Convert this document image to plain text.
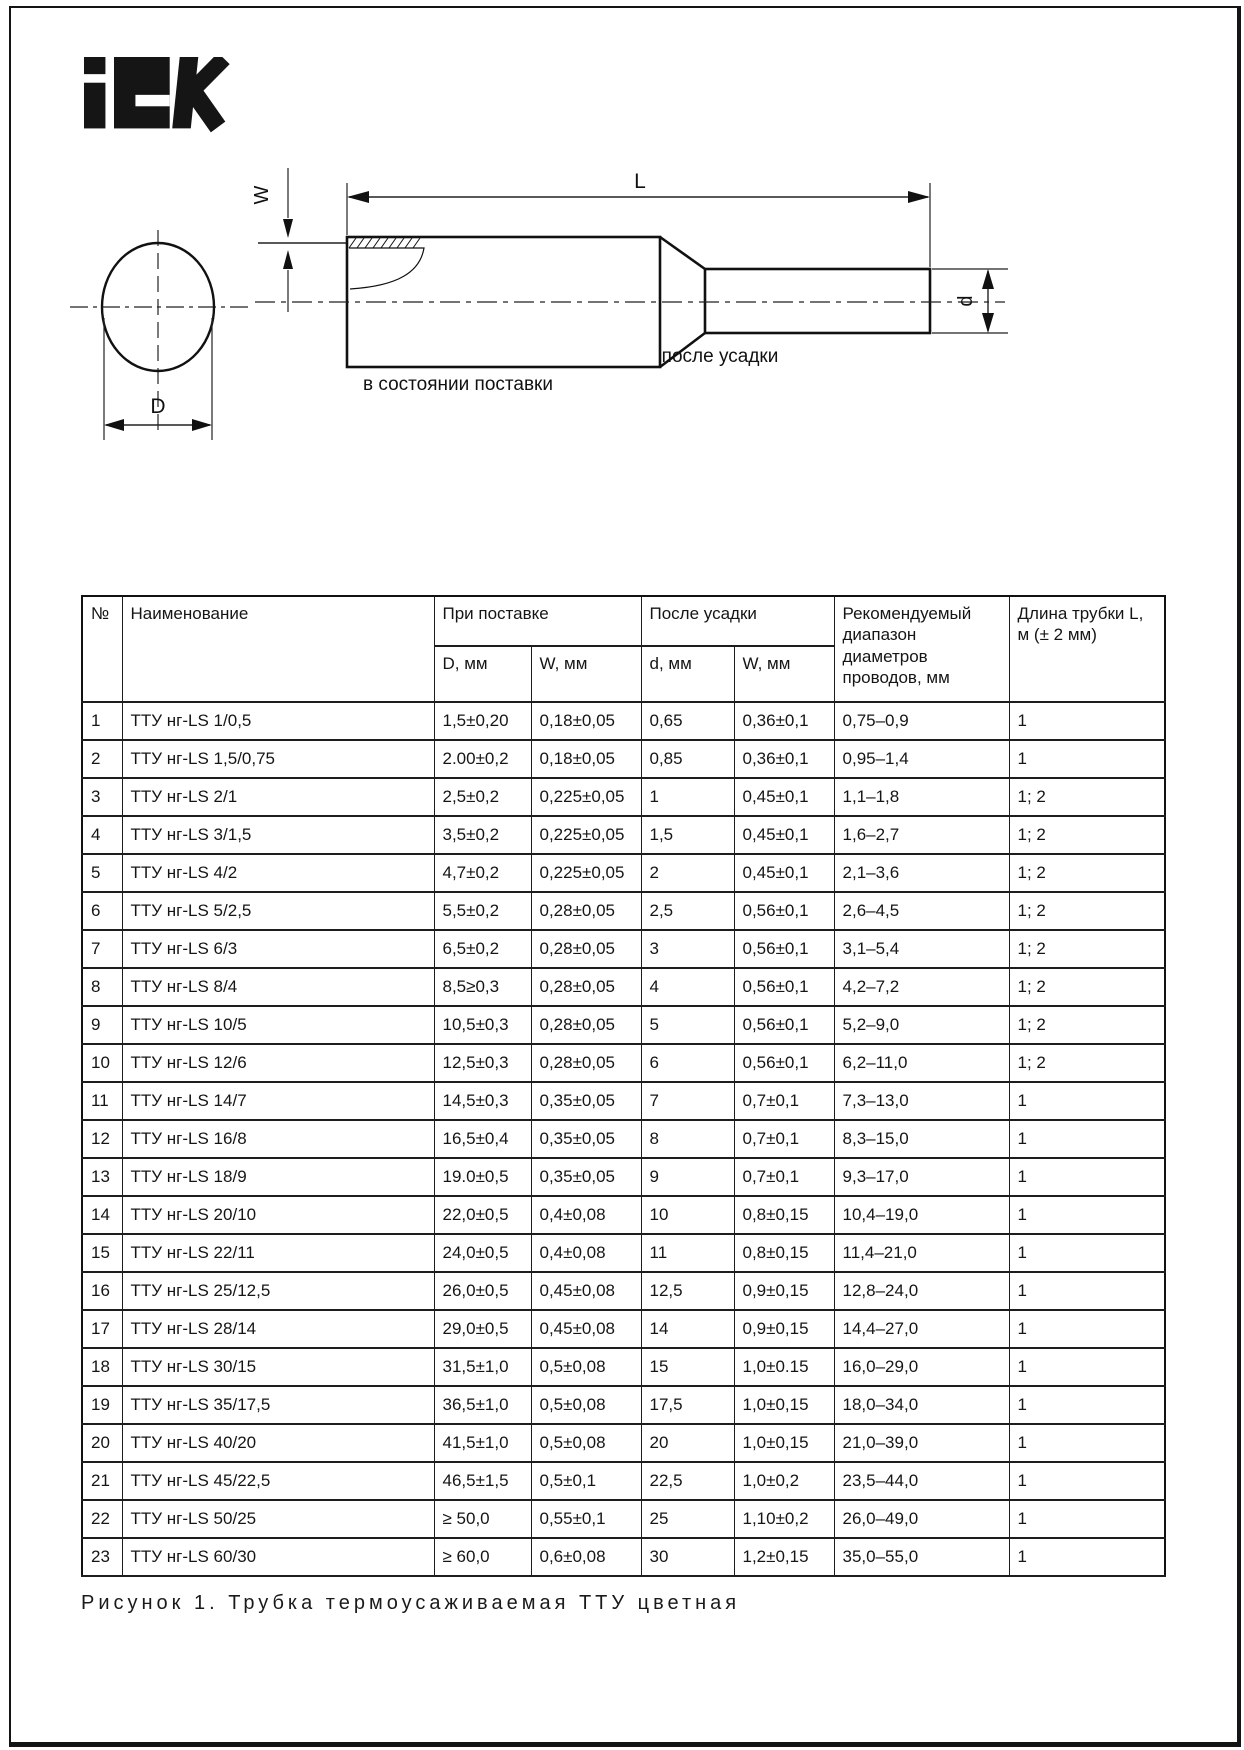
D
W
L
d
после усадки
в состоянии поставки
№	Наименование	При поставке		После усадки		Рекомендуемый диапазон диаметров проводов, мм	Длина трубки L, м (± 2 мм)
		D, мм	W, мм	d, мм	W, мм		
1	ТТУ нг-LS 1/0,5	1,5±0,20	0,18±0,05	0,65	0,36±0,1	0,75–0,9	1
2	ТТУ нг-LS 1,5/0,75	2.00±0,2	0,18±0,05	0,85	0,36±0,1	0,95–1,4	1
3	ТТУ нг-LS 2/1	2,5±0,2	0,225±0,05	1	0,45±0,1	1,1–1,8	1; 2
4	ТТУ нг-LS 3/1,5	3,5±0,2	0,225±0,05	1,5	0,45±0,1	1,6–2,7	1; 2
5	ТТУ нг-LS 4/2	4,7±0,2	0,225±0,05	2	0,45±0,1	2,1–3,6	1; 2
6	ТТУ нг-LS 5/2,5	5,5±0,2	0,28±0,05	2,5	0,56±0,1	2,6–4,5	1; 2
7	ТТУ нг-LS 6/3	6,5±0,2	0,28±0,05	3	0,56±0,1	3,1–5,4	1; 2
8	ТТУ нг-LS 8/4	8,5≥0,3	0,28±0,05	4	0,56±0,1	4,2–7,2	1; 2
9	ТТУ нг-LS 10/5	10,5±0,3	0,28±0,05	5	0,56±0,1	5,2–9,0	1; 2
10	ТТУ нг-LS 12/6	12,5±0,3	0,28±0,05	6	0,56±0,1	6,2–11,0	1; 2
11	ТТУ нг-LS 14/7	14,5±0,3	0,35±0,05	7	0,7±0,1	7,3–13,0	1
12	ТТУ нг-LS 16/8	16,5±0,4	0,35±0,05	8	0,7±0,1	8,3–15,0	1
13	ТТУ нг-LS 18/9	19.0±0,5	0,35±0,05	9	0,7±0,1	9,3–17,0	1
14	ТТУ нг-LS 20/10	22,0±0,5	0,4±0,08	10	0,8±0,15	10,4–19,0	1
15	ТТУ нг-LS 22/11	24,0±0,5	0,4±0,08	11	0,8±0,15	11,4–21,0	1
16	ТТУ нг-LS 25/12,5	26,0±0,5	0,45±0,08	12,5	0,9±0,15	12,8–24,0	1
17	ТТУ нг-LS 28/14	29,0±0,5	0,45±0,08	14	0,9±0,15	14,4–27,0	1
18	ТТУ нг-LS 30/15	31,5±1,0	0,5±0,08	15	1,0±0.15	16,0–29,0	1
19	ТТУ нг-LS 35/17,5	36,5±1,0	0,5±0,08	17,5	1,0±0,15	18,0–34,0	1
20	ТТУ нг-LS 40/20	41,5±1,0	0,5±0,08	20	1,0±0,15	21,0–39,0	1
21	ТТУ нг-LS 45/22,5	46,5±1,5	0,5±0,1	22,5	1,0±0,2	23,5–44,0	1
22	ТТУ нг-LS 50/25	≥ 50,0	0,55±0,1	25	1,10±0,2	26,0–49,0	1
23	ТТУ нг-LS 60/30	≥ 60,0	0,6±0,08	30	1,2±0,15	35,0–55,0	1
Рисунок 1. Трубка термоусаживаемая ТТУ цветная
